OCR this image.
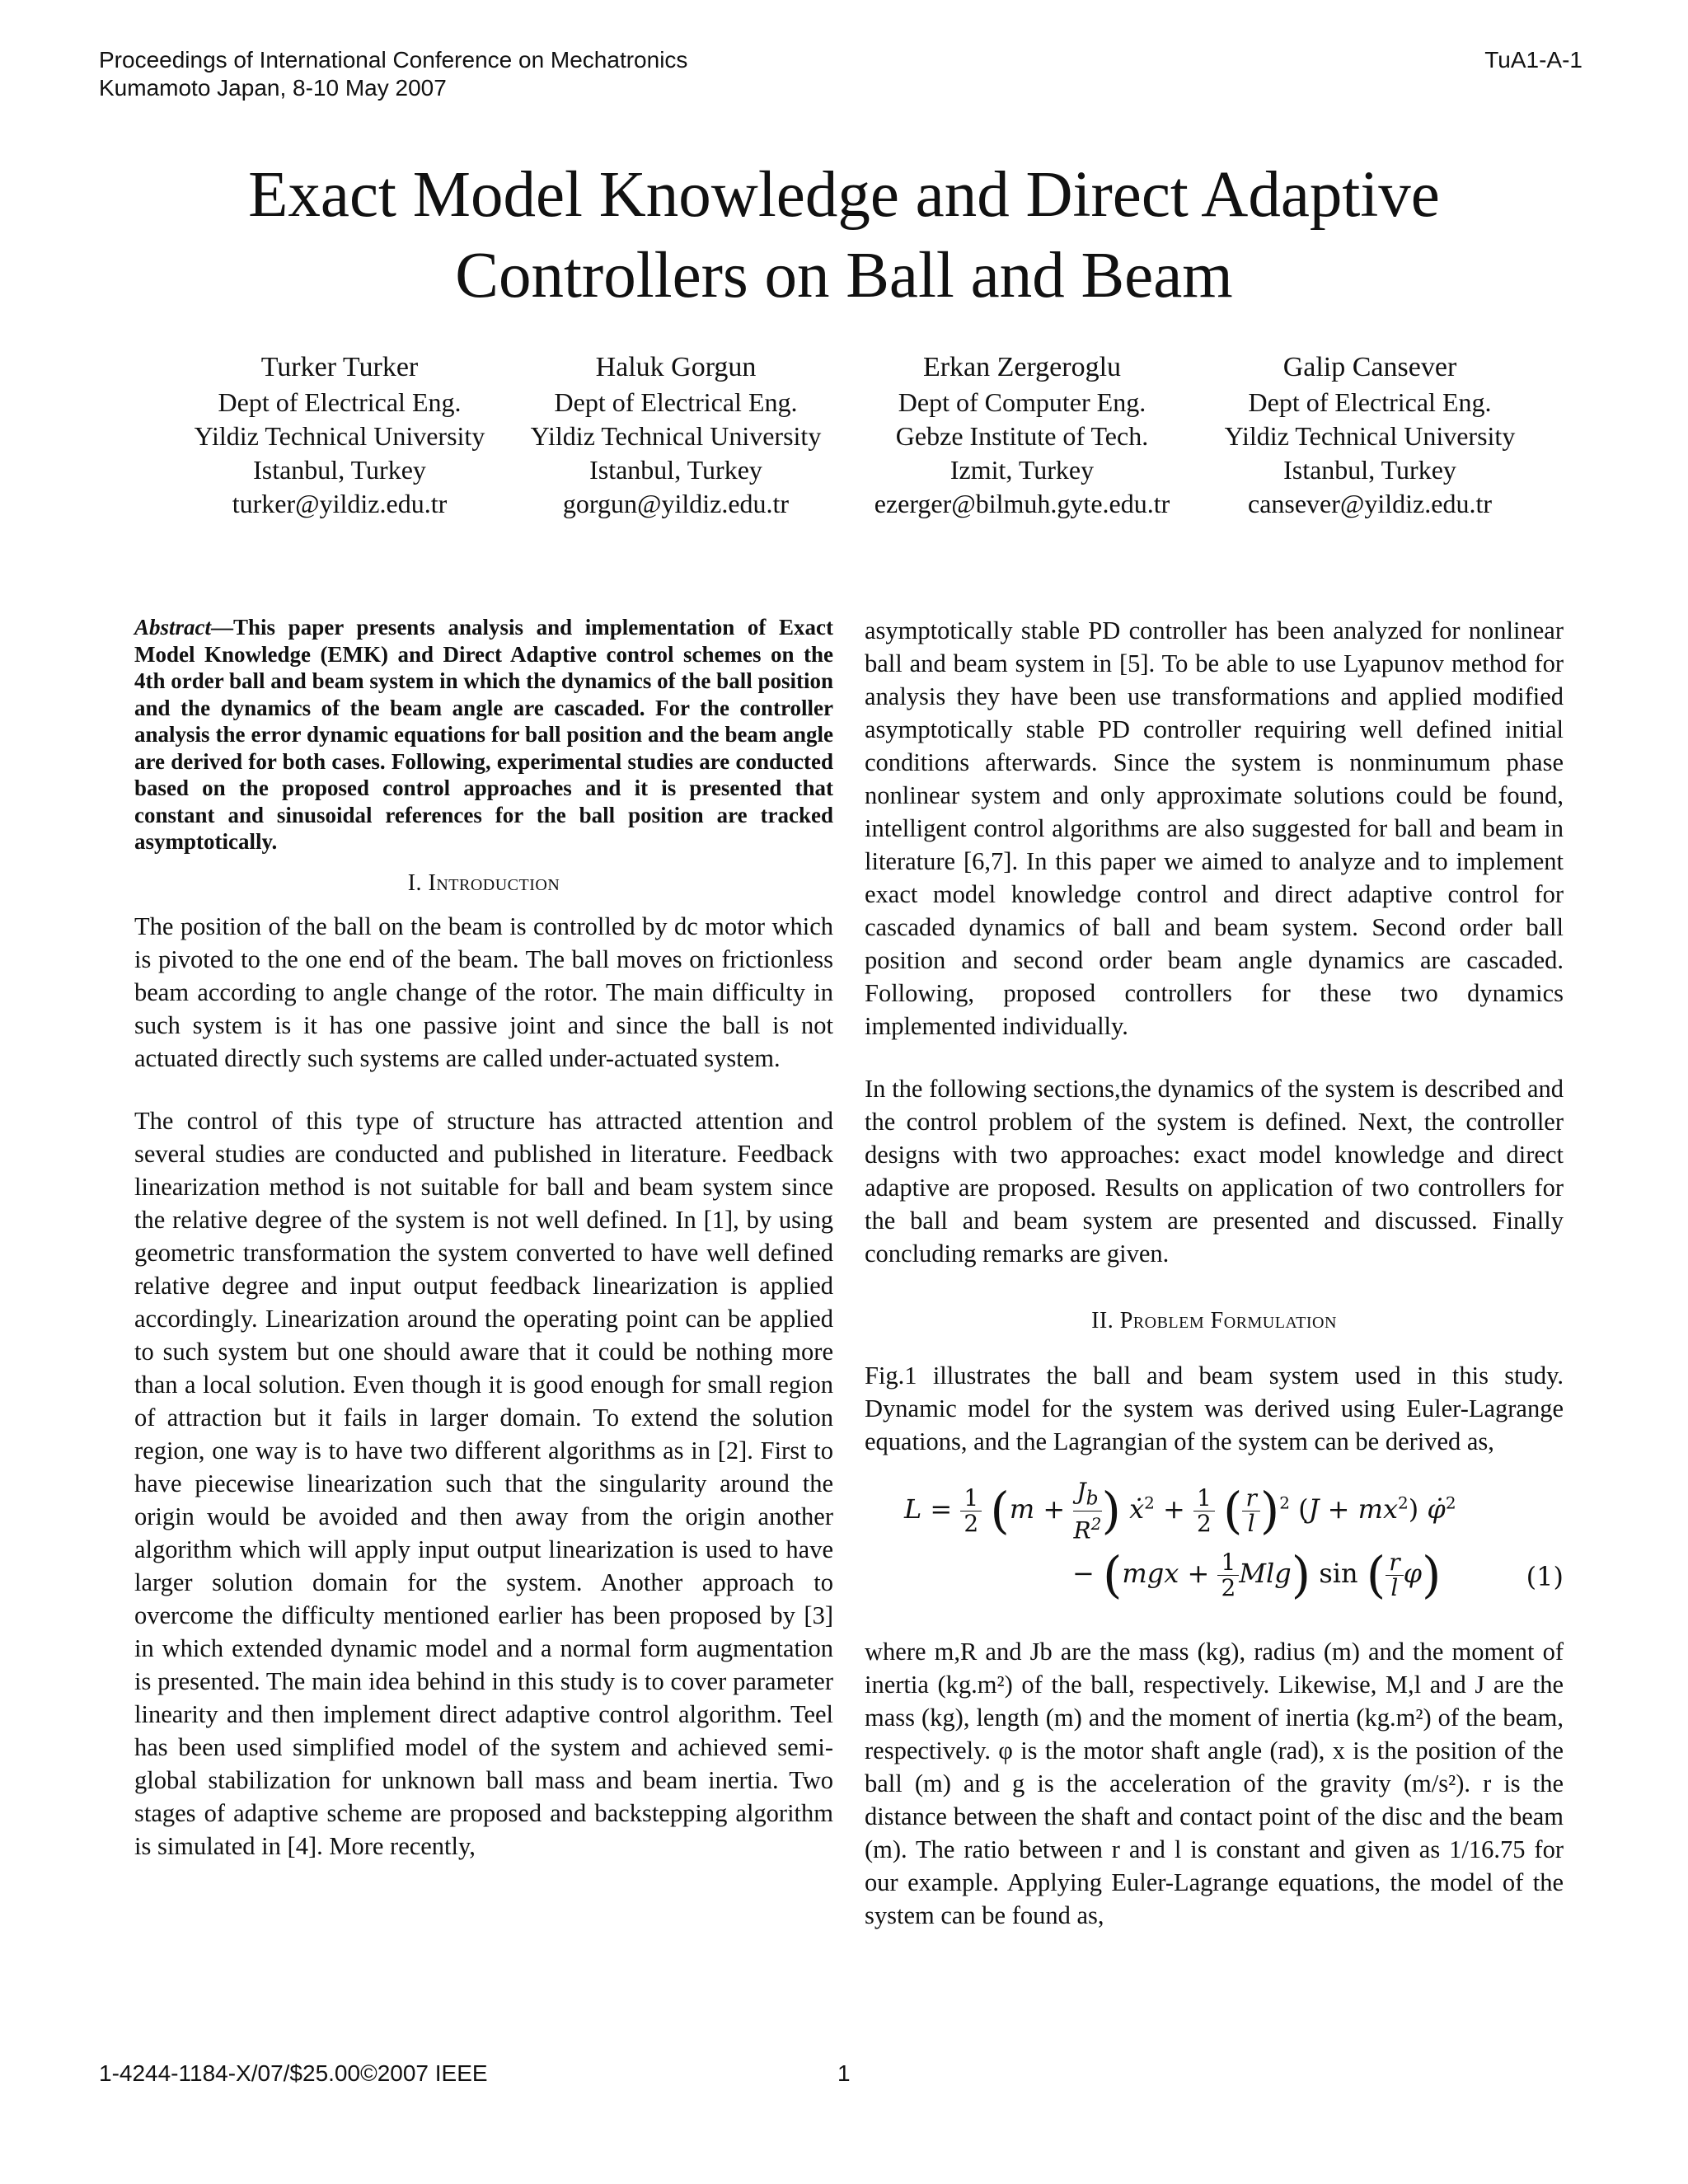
Proceedings of International Conference on Mechatronics
Kumamoto Japan, 8-10 May 2007
TuA1-A-1
Exact Model Knowledge and Direct Adaptive
Controllers on Ball and Beam
Turker Turker
Dept of Electrical Eng.
Yildiz Technical University
Istanbul, Turkey
turker@yildiz.edu.tr
Haluk Gorgun
Dept of Electrical Eng.
Yildiz Technical University
Istanbul, Turkey
gorgun@yildiz.edu.tr
Erkan Zergeroglu
Dept of Computer Eng.
Gebze Institute of Tech.
Izmit, Turkey
ezerger@bilmuh.gyte.edu.tr
Galip Cansever
Dept of Electrical Eng.
Yildiz Technical University
Istanbul, Turkey
cansever@yildiz.edu.tr

Abstract—This paper presents analysis and implementation of Exact Model Knowledge (EMK) and Direct Adaptive control schemes on the 4th order ball and beam system in which the dynamics of the ball position and the dynamics of the beam angle are cascaded. For the controller analysis the error dynamic equations for ball position and the beam angle are derived for both cases. Following, experimental studies are conducted based on the proposed control approaches and it is presented that constant and sinusoidal references for the ball position are tracked asymptotically.

I. Introduction

The position of the ball on the beam is controlled by dc motor which is pivoted to the one end of the beam. The ball moves on frictionless beam according to angle change of the rotor. The main difficulty in such system is it has one passive joint and since the ball is not actuated directly such systems are called under-actuated system.

The control of this type of structure has attracted attention and several studies are conducted and published in literature. Feedback linearization method is not suitable for ball and beam system since the relative degree of the system is not well defined. In [1], by using geometric transformation the system converted to have well defined relative degree and input output feedback linearization is applied accordingly. Linearization around the operating point can be applied to such system but one should aware that it could be nothing more than a local solution. Even though it is good enough for small region of attraction but it fails in larger domain. To extend the solution region, one way is to have two different algorithms as in [2]. First to have piecewise linearization such that the singularity around the origin would be avoided and then away from the origin another algorithm which will apply input output linearization is used to have larger solution domain for the system. Another approach to overcome the difficulty mentioned earlier has been proposed by [3] in which extended dynamic model and a normal form augmentation is presented. The main idea behind in this study is to cover parameter linearity and then implement direct adaptive control algorithm. Teel has been used simplified model of the system and achieved semi-global stabilization for unknown ball mass and beam inertia. Two stages of adaptive scheme are proposed and backstepping algorithm is simulated in [4]. More recently,

asymptotically stable PD controller has been analyzed for nonlinear ball and beam system in [5]. To be able to use Lyapunov method for analysis they have been use transformations and applied modified asymptotically stable PD controller requiring well defined initial conditions afterwards. Since the system is nonminumum phase nonlinear system and only approximate solutions could be found, intelligent control algorithms are also suggested for ball and beam in literature [6,7]. In this paper we aimed to analyze and to implement exact model knowledge control and direct adaptive control for cascaded dynamics of ball and beam system. Second order ball position and second order beam angle dynamics are cascaded. Following, proposed controllers for these two dynamics implemented individually.

In the following sections,the dynamics of the system is described and the control problem of the system is defined. Next, the controller designs with two approaches: exact model knowledge and direct adaptive are proposed. Results on application of two controllers for the ball and beam system are presented and discussed. Finally concluding remarks are given.

II. Problem Formulation

Fig.1 illustrates the ball and beam system used in this study. Dynamic model for the system was derived using Euler-Lagrange equations, and the Lagrangian of the system can be derived as,

$L = \frac{1}{2} (m + \frac{J_b}{R^2}$ ) ẋ$^2$ + $\frac{1}{2}$ ( $\frac{r}{l} )^2$ $(J + mx^2)$ φ̇$^2$
− $(mgx + \frac{1}{2} Mlg)$ sin ( $\frac{r}{l} \varphi$)	(1)

where m,R and Jb are the mass (kg), radius (m) and the moment of inertia (kg.m²) of the ball, respectively. Likewise, M,l and J are the mass (kg), length (m) and the moment of inertia (kg.m²) of the beam, respectively. φ is the motor shaft angle (rad), x is the position of the ball (m) and g is the acceleration of the gravity (m/s²). r is the distance between the shaft and contact point of the disc and the beam (m). The ratio between r and l is constant and given as 1/16.75 for our example. Applying Euler-Lagrange equations, the model of the system can be found as,

1-4244-1184-X/07/$25.00©2007 IEEE	1
